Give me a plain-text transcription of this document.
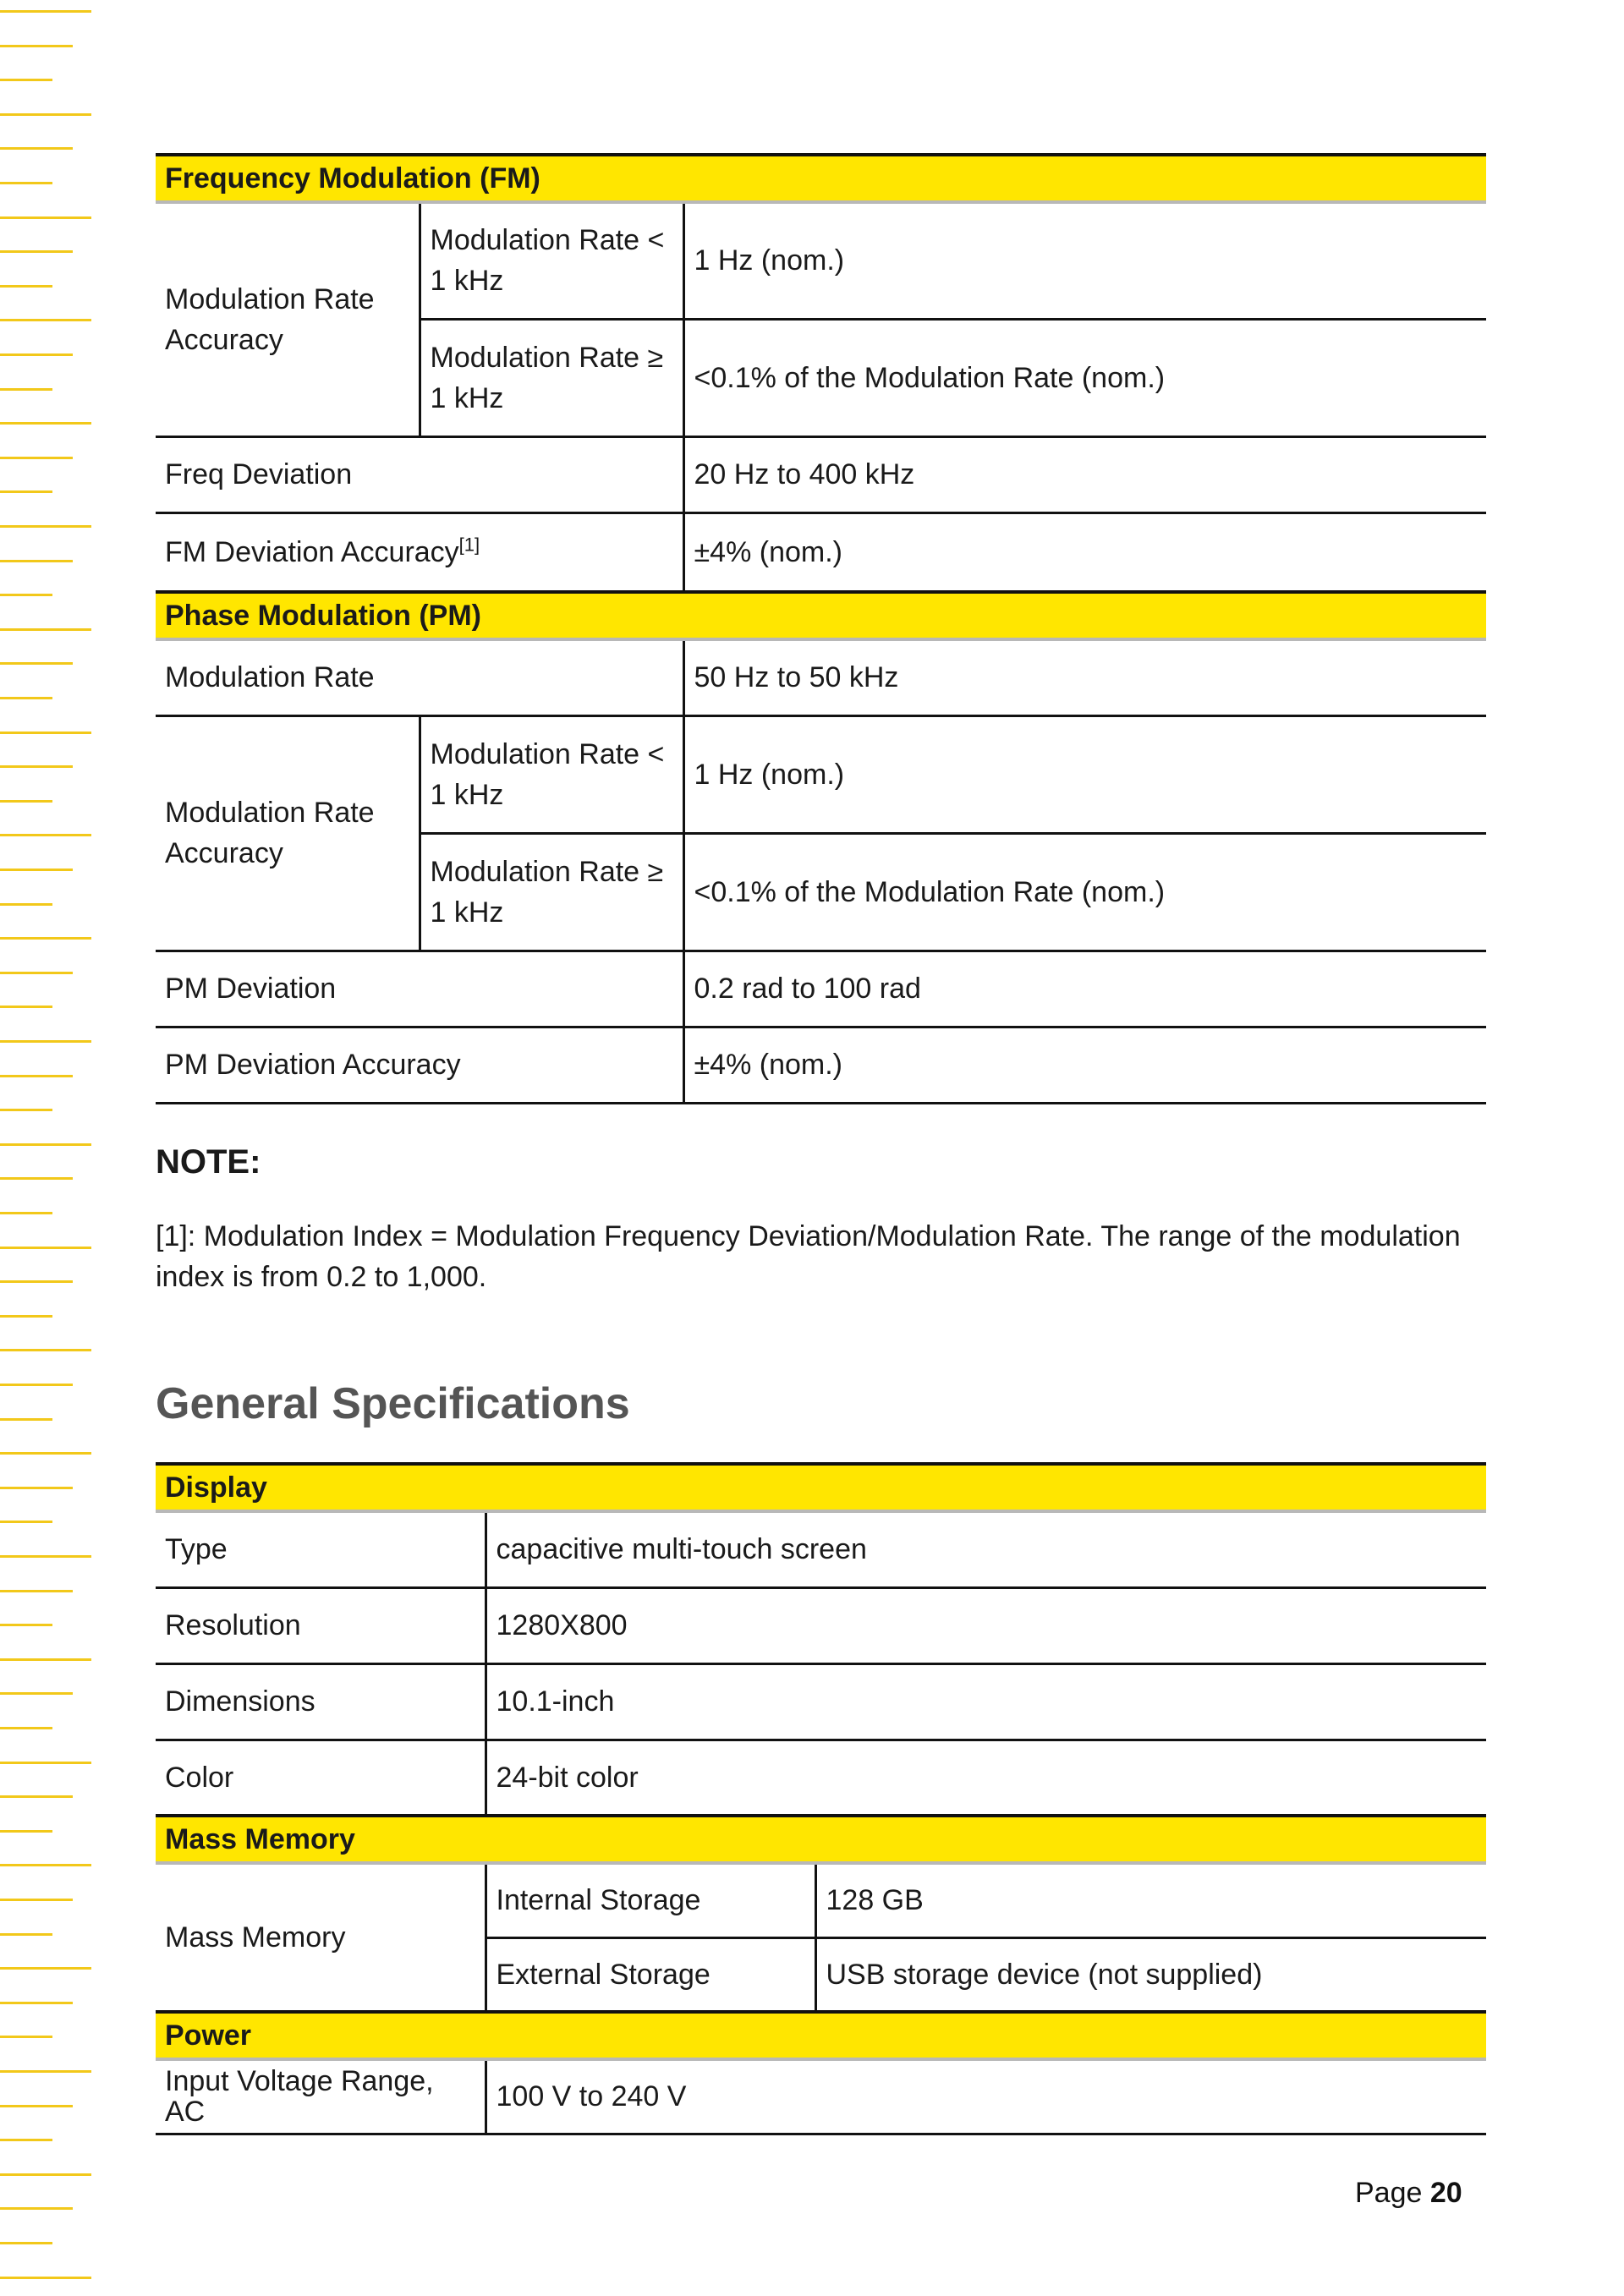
Frequency Modulation (FM)		
Modulation Rate Accuracy	Modulation Rate < 1 kHz	1 Hz (nom.)
	Modulation Rate ≥ 1 kHz	<0.1% of the Modulation Rate (nom.)
Freq Deviation		20 Hz to 400 kHz
FM Deviation Accuracy[1]		±4% (nom.)
Phase Modulation (PM)		
Modulation Rate		50 Hz to 50 kHz
Modulation Rate Accuracy	Modulation Rate < 1 kHz	1 Hz (nom.)
	Modulation Rate ≥ 1 kHz	<0.1% of the Modulation Rate (nom.)
PM Deviation		0.2 rad to 100 rad
PM Deviation Accuracy		±4% (nom.)
NOTE:
[1]: Modulation Index = Modulation Frequency Deviation/Modulation Rate. The range of the modulation index is from 0.2 to 1,000.
General Specifications
Display		
Type	capacitive multi-touch screen	
Resolution	1280X800	
Dimensions	10.1-inch	
Color	24-bit color	
Mass Memory		
Mass Memory	Internal Storage	128 GB
	External Storage	USB storage device (not supplied)
Power		
Input Voltage Range, AC	100 V to 240 V	
Page 20
